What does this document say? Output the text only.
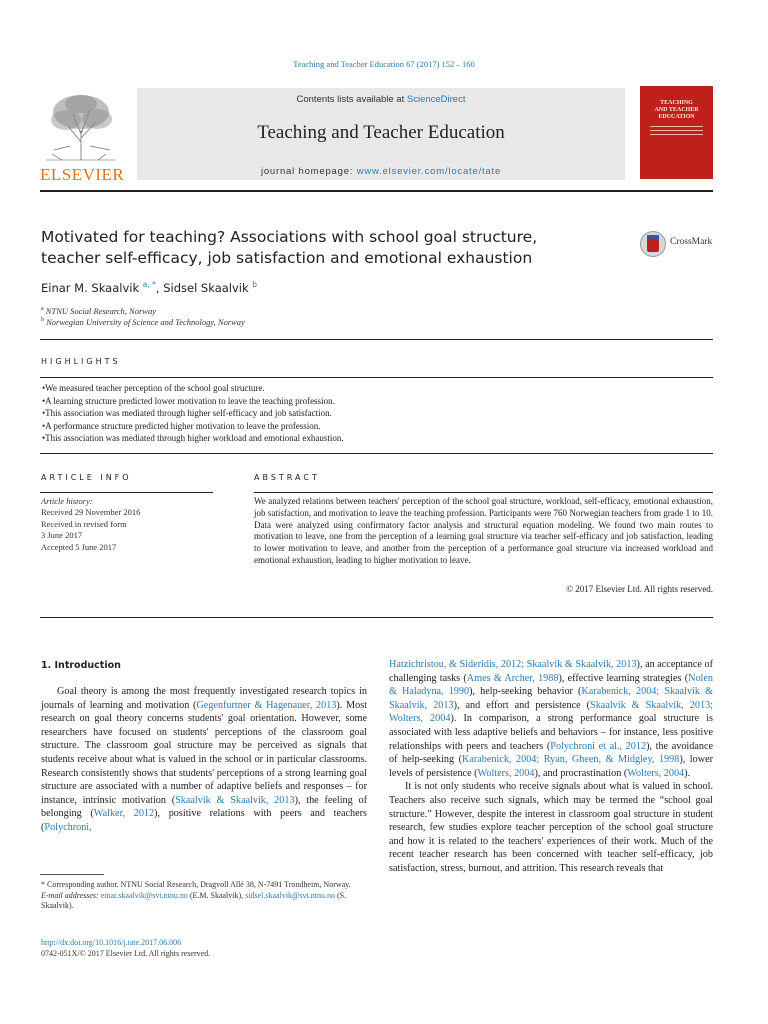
Teaching and Teacher Education 67 (2017) 152 – 160
ELSEVIER
Contents lists available at ScienceDirect
Teaching and Teacher Education
journal homepage: www.elsevier.com/locate/tate
TEACHING
AND TEACHER
EDUCATION
Motivated for teaching? Associations with school goal structure, teacher self-efficacy, job satisfaction and emotional exhaustion
CrossMark
Einar M. Skaalvik $^{a, *}$, Sidsel Skaalvik $^b$
$^a$ NTNU Social Research, Norway
$^b$ Norwegian University of Science and Technology, Norway
HIGHLIGHTS
• We measured teacher perception of the school goal structure.
• A learning structure predicted lower motivation to leave the teaching profession.
• This association was mediated through higher self-efficacy and job satisfaction.
• A performance structure predicted higher motivation to leave the profession.
• This association was mediated through higher workload and emotional exhaustion.
ARTICLE INFO
Article history:
Received 29 November 2016
Received in revised form
3 June 2017
Accepted 5 June 2017
ABSTRACT
We analyzed relations between teachers' perception of the school goal structure, workload, self-efficacy, emotional exhaustion, job satisfaction, and motivation to leave the teaching profession. Participants were 760 Norwegian teachers from grade 1 to 10. Data were analyzed using confirmatory factor analysis and structural equation modeling. We found two main routes to motivation to leave, one from the perception of a learning goal structure via teacher self-efficacy and job satisfaction, leading to lower motivation to leave, and another from the perception of a performance goal structure via increased workload and emotional exhaustion, leading to higher motivation to leave.
© 2017 Elsevier Ltd. All rights reserved.
1. Introduction

Goal theory is among the most frequently investigated research topics in journals of learning and motivation (Gegenfurtner & Hagenauer, 2013). Most research on goal theory concerns students' goal orientation. However, some researchers have focused on students' perceptions of the classroom goal structure. The classroom goal structure may be perceived as signals that students receive about what is valued in the school or in particular classrooms. Research consistently shows that students' perceptions of a strong learning goal structure are associated with a number of adaptive beliefs and responses – for instance, intrinsic motivation (Skaalvik & Skaalvik, 2013), the feeling of belonging (Walker, 2012), positive relations with peers and teachers (Polychroni,

Hatzichristou, & Sideridis, 2012; Skaalvik & Skaalvik, 2013), an acceptance of challenging tasks (Ames & Archer, 1988), effective learning strategies (Nolen & Haladyna, 1990), help-seeking behavior (Karabenick, 2004; Skaalvik & Skaalvik, 2013), and effort and persistence (Skaalvik & Skaalvik, 2013; Wolters, 2004). In comparison, a strong performance goal structure is associated with less adaptive beliefs and behaviors – for instance, less positive relationships with peers and teachers (Polychroni et al., 2012), the avoidance of help-seeking (Karabenick, 2004; Ryan, Gheen, & Midgley, 1998), lower levels of persistence (Wolters, 2004), and procrastination (Wolters, 2004).

It is not only students who receive signals about what is valued in school. Teachers also receive such signals, which may be termed the “school goal structure.” However, despite the interest in classroom goal structure in student research, few studies explore teacher perception of the school goal structure and how it is related to the teachers' experiences of their work. Much of the recent teacher research has been concerned with teacher self-efficacy, job satisfaction, stress, burnout, and attrition. This research reveals that

* Corresponding author. NTNU Social Research, Dragvoll Allé 38, N-7491 Trondheim, Norway.
E-mail addresses: einar.skaalvik@svt.ntnu.no (E.M. Skaalvik), sidsel.skaalvik@svt.ntnu.no (S. Skaalvik).
http://dx.doi.org/10.1016/j.tate.2017.06.006
0742-051X/© 2017 Elsevier Ltd. All rights reserved.
